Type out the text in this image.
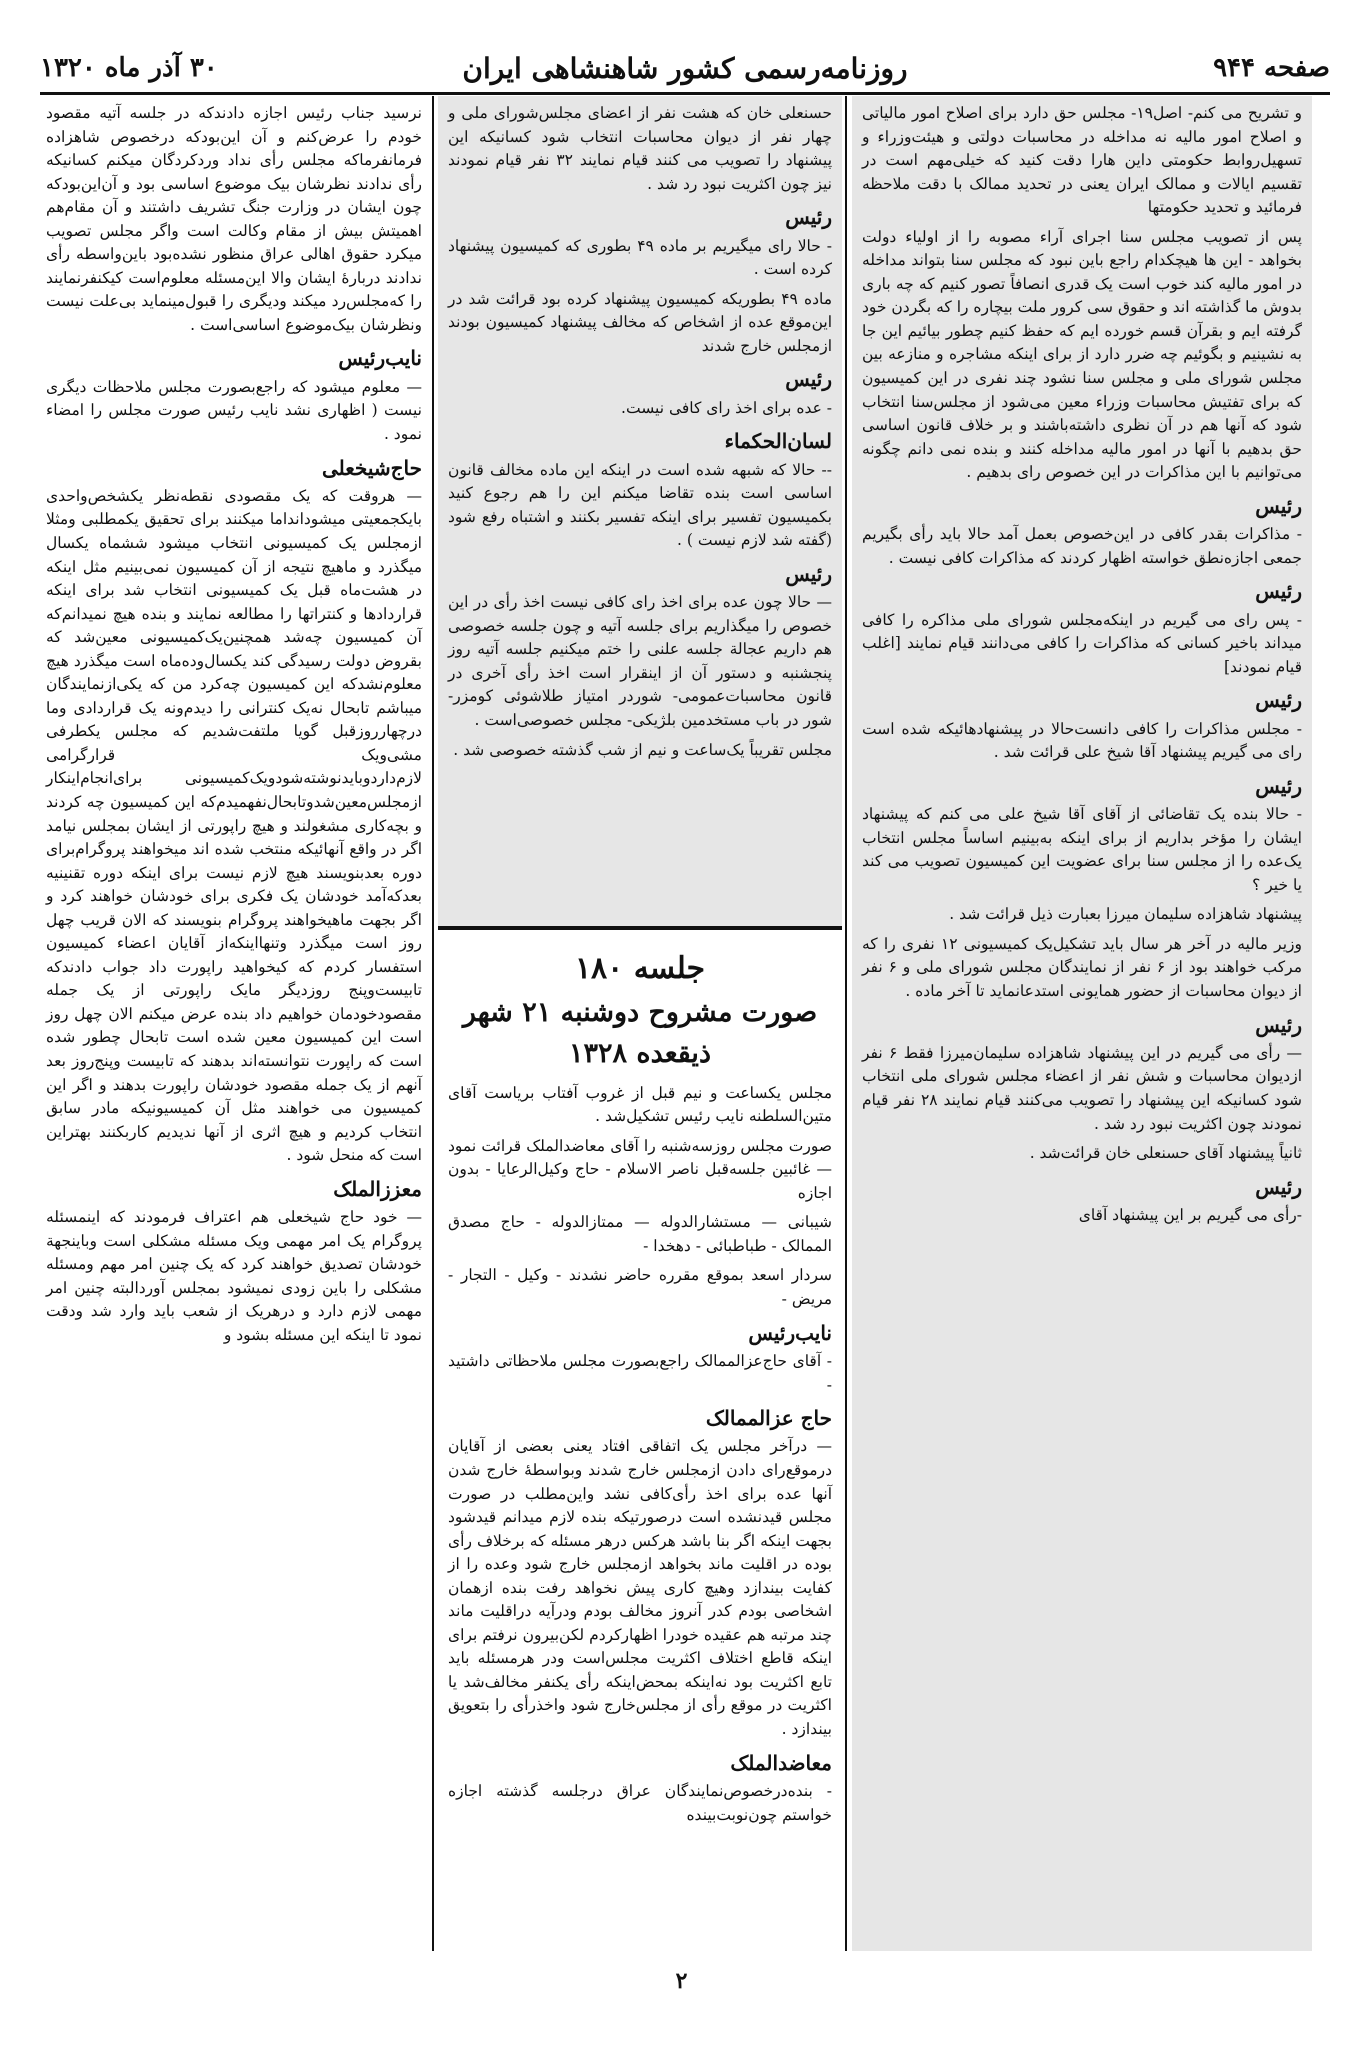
صفحه ۹۴۴
روزنامه‌رسمی کشور شاهنشاهی ایران
۳۰ آذر ماه ۱۳۲۰

و تشریح می کنم- اصل۱۹- مجلس حق دارد برای اصلاح امور مالیاتی و اصلاح امور مالیه نه مداخله در محاسبات دولتی و هیئت‌وزراء و تسهیل‌روابط حکومتی داین هارا دقت کنید که خیلی‌مهم است در تقسیم ایالات و ممالک ایران یعنی در تحدید ممالک با دقت ملاحظه فرمائید و تحدید حکومتها

پس از تصویب مجلس سنا اجرای آراء مصوبه را از اولیاء دولت بخواهد - این ها هیچکدام راجع باین نبود که مجلس سنا بتواند مداخله در امور مالیه کند خوب است یک قدری انصافاً تصور کنیم که چه باری بدوش ما گذاشته اند و حقوق سی کرور ملت بیچاره را که بگردن خود گرفته ایم و بقرآن قسم خورده ایم که حفظ کنیم چطور بیائیم این جا به نشینیم و بگوئیم چه ضرر دارد از برای اینکه مشاجره و منازعه بین مجلس شورای ملی و مجلس سنا نشود چند نفری در این کمیسیون که برای تفتیش محاسبات وزراء معین می‌شود از مجلس‌سنا انتخاب شود که آنها هم در آن نظری داشته‌باشند و بر خلاف قانون اساسی حق بدهیم با آنها در امور مالیه مداخله کنند و بنده نمی دانم چگونه می‌توانیم با این مذاکرات در این خصوص رای بدهیم .

رئیس

- مذاکرات بقدر کافی در این‌خصوص بعمل آمد حالا باید رأی بگیریم جمعی اجازه‌نطق خواسته اظهار کردند که مذاکرات کافی نیست .

رئیس

- پس رای می گیریم در اینکه‌مجلس شورای ملی مذاکره را کافی میداند باخیر کسانی که مذاکرات را کافی می‌دانند قیام نمایند [اغلب قیام نمودند]

رئیس

- مجلس مذاکرات را کافی دانست‌حالا در پیشنهادهائیکه شده است رای می گیریم پیشنهاد آقا شیخ علی قرائت شد .

رئیس

- حالا بنده یک تقاضائی از آقای آقا شیخ علی می کنم که پیشنهاد ایشان را مؤخر بداریم از برای اینکه به‌بینیم اساساً مجلس انتخاب یک‌عده را از مجلس سنا برای عضویت این کمیسیون تصویب می کند یا خیر ؟

پیشنهاد شاهزاده سلیمان میرزا بعبارت ذیل قرائت شد .

وزیر مالیه در آخر هر سال باید تشکیل‌یک کمیسیونی ۱۲ نفری را که مرکب خواهند بود از ۶ نفر از نمایندگان مجلس شورای ملی و ۶ نفر از دیوان محاسبات از حضور همایونی استدعانماید تا آخر ماده .

رئیس

— رأی می گیریم در این پیشنهاد شاهزاده سلیمان‌میرزا فقط ۶ نفر ازدیوان محاسبات و شش نفر از اعضاء مجلس شورای ملی انتخاب شود کسانیکه این پیشنهاد را تصویب می‌کنند قیام نمایند ۲۸ نفر قیام نمودند چون اکثریت نبود رد شد .

ثانیاً پیشنهاد آقای حسنعلی خان قرائت‌شد .

رئیس

-رأی می گیریم بر این پیشنهاد آقای

حسنعلی خان که هشت نفر از اعضای مجلس‌شورای ملی و چهار نفر از دیوان محاسبات انتخاب شود کسانیکه این پیشنهاد را تصویب می کنند قیام نمایند ۳۲ نفر قیام نمودند نیز چون اکثریت نبود رد شد .

رئیس

- حالا رای میگیریم بر ماده ۴۹ بطوری که کمیسیون پیشنهاد کرده است .

ماده ۴۹ بطوریکه کمیسیون پیشنهاد کرده بود قرائت شد در این‌موقع عده از اشخاص که مخالف پیشنهاد کمیسیون بودند ازمجلس خارج شدند

رئیس

- عده برای اخذ رای کافی نیست.

لسان‌الحکماء

-- حالا که شبهه شده است در اینکه این ماده مخالف قانون اساسی است بنده تقاضا میکنم این را هم رجوع کنید بکمیسیون تفسیر برای اینکه تفسیر بکنند و اشتباه رفع شود (گفته شد لازم نیست ) .

رئیس

— حالا چون عده برای اخذ رای کافی نیست اخذ رأی در این خصوص را میگذاریم برای جلسه آتیه و چون جلسه خصوصی هم داریم عجالة جلسه علنی را ختم میکنیم جلسه آتیه روز پنجشنبه و دستور آن از اینقرار است اخذ رأی آخری در قانون محاسبات‌عمومی- شوردر امتیاز طلاشوئی کومزر- شور در باب مستخدمین بلژیکی- مجلس خصوصی‌است .

مجلس تقریباً یک‌ساعت و نیم از شب گذشته خصوصی شد .

جلسه ۱۸۰
صورت مشروح دوشنبه ۲۱ شهر
ذیقعده ۱۳۲۸

مجلس یکساعت و نیم قبل از غروب آفتاب بریاست آقای متین‌السلطنه نایب رئیس تشکیل‌شد .

صورت مجلس روزسه‌شنبه را آقای معاضدالملک قرائت نمود — غائبین جلسه‌قبل ناصر الاسلام - حاج وکیل‌الرعایا - بدون اجازه

شیبانی — مستشارالدوله — ممتازالدوله - حاج مصدق الممالک - طباطبائی - دهخدا -

سردار اسعد بموقع مقرره حاضر نشدند - وکیل - التجار - مریض -

نایب‌رئیس

- آقای حاج‌عزالممالک راجع‌بصورت مجلس ملاحظاتی داشتید -

حاج عزالممالک

— درآخر مجلس یک اتفاقی افتاد یعنی بعضی از آقایان درموقع‌رای دادن ازمجلس خارج شدند وبواسطهٔ خارج شدن آنها عده برای اخذ رأی‌کافی نشد واین‌مطلب در صورت مجلس قیدنشده است درصورتیکه بنده لازم میدانم قیدشود بجهت اینکه اگر بنا باشد هرکس درهر مسئله که برخلاف رأی بوده در اقلیت ماند بخواهد ازمجلس خارج شود وعده را از کفایت بیندازد وهیچ کاری پیش نخواهد رفت بنده ازهمان اشخاصی بودم کدر آنروز مخالف بودم ودرآیه دراقلیت ماند چند مرتبه هم عقیده خودرا اظهارکردم لکن‌بیرون نرفتم برای اینکه قاطع اختلاف اکثریت مجلس‌است ودر هرمسئله باید تابع اکثریت بود نه‌اینکه بمحض‌اینکه رأی یکنفر مخالف‌شد یا اکثریت در موقع رأی از مجلس‌خارج شود واخذرأی را بتعویق بیندازد .

معاضدالملک

- بنده‌درخصوص‌نمایندگان عراق درجلسه گذشته اجازه خواستم چون‌نوبت‌بینده

نرسید جناب رئیس اجازه دادند‌که در جلسه آتیه مقصود خودم را عرض‌کنم و آن این‌بود‌که در‌خصوص شاهزاده فرمانفرما‌که مجلس رأی نداد وردکردگان میکنم کسانیکه رأی ندادند نظرشان بیک موضوع اساسی بود و آن‌این‌بودکه چون ایشان در وزارت جنگ تشریف داشتند و آن مقام‌هم اهمیتش بیش از مقام وکالت است واگر مجلس تصویب میکرد حقوق اهالی عراق منظور نشده‌بود باین‌واسطه رأی ندادند دربارهٔ ایشان والا این‌مسئله معلوم‌است کیکنفرنمایند را که‌مجلس‌رد میکند ودیگری را قبول‌مینماید بی‌علت نیست ونظرشان بیک‌موضوع اساسی‌است .

نایب‌رئیس

— معلوم میشود که راجع‌بصورت مجلس ملاحظات دیگری نیست ( اظهاری نشد نایب رئیس صورت مجلس را امضاء نمود .

حاج‌شیخعلی

— هروقت که یک مقصودی نقطه‌نظر یکشخص‌واحدی بایکجمعیتی میشودانداما میکنند برای تحقیق یکمطلبی ومثلا ازمجلس یک کمیسیونی انتخاب میشود ششماه یکسال میگذرد و ماهیچ نتیجه از آن کمیسیون نمی‌بینیم مثل اینکه در هشت‌ماه قبل یک کمیسیونی انتخاب شد برای اینکه قراردادها و کنتراتها را مطالعه نمایند و بنده هیچ نمیدانم‌که آن کمیسیون چه‌شد همچنین‌یک‌کمیسیونی معین‌شد که بقروض دولت رسیدگی کند یکسال‌وده‌ماه است میگذرد هیچ معلوم‌نشد‌که این کمیسیون چه‌کرد من که یکی‌ازنمایندگان میباشم تابحال نه‌یک کنترانی را دیدم‌ونه یک قراردادی وما درچهار‌روزقبل گویا ملتفت‌شدیم که مجلس یکطرفی مشی‌ویک قرار‌گرامی لازم‌دارد‌و‌بایدنوشته‌شود‌ویک‌کمیسیونی برای‌انجام‌اینکار از‌مجلس‌معین‌شدو‌تابحال‌نفهمیدم‌که این کمیسیون چه کردند و بچه‌کاری مشغولند و هیچ راپورتی از ایشان بمجلس نیامد اگر در واقع آنهائیکه منتخب شده اند میخواهند پروگرام‌برای دوره بعدبنویسند هیچ لازم نیست برای اینکه دوره تقنینیه بعد‌که‌آمد خودشان یک فکری برای خودشان خواهند کرد و اگر بجهت ماهیخواهند پروگرام بنویسند که الان قریب چهل روز است میگذرد وتنهااینکه‌از آقایان اعضاء کمیسیون استفسار کردم که کیخواهید راپورت داد جواب دادند‌که تابیست‌وپنج روزدیگر مایک راپورتی از یک جمله مقصودخودمان خواهیم داد بنده عرض میکنم الان چهل روز است این کمیسیون معین شده است تابحال چطور شده است که راپورت نتوانسته‌اند بدهند که تابیست وپنج‌روز بعد آنهم از یک جمله مقصود خودشان راپورت بدهند و اگر این کمیسیون می خواهند مثل آن کمیسیونیکه مادر سابق انتخاب کردیم و هیچ اثری از آنها ندیدیم کار‌بکنند بهتراین است که منحل شود .

معززالملک

— خود حاج شیخعلی هم اعتراف فرمودند که اینمسئله پروگرام یک امر مهمی ویک مسئله مشکلی است وباینجهة خودشان تصدیق خواهند کرد که یک چنین امر مهم ومسئله مشکلی را باین زودی نمیشود بمجلس آوردالبته چنین امر مهمی لازم دارد و درهریک از شعب باید وارد شد ودقت نمود تا اینکه این مسئله بشود و

۲
